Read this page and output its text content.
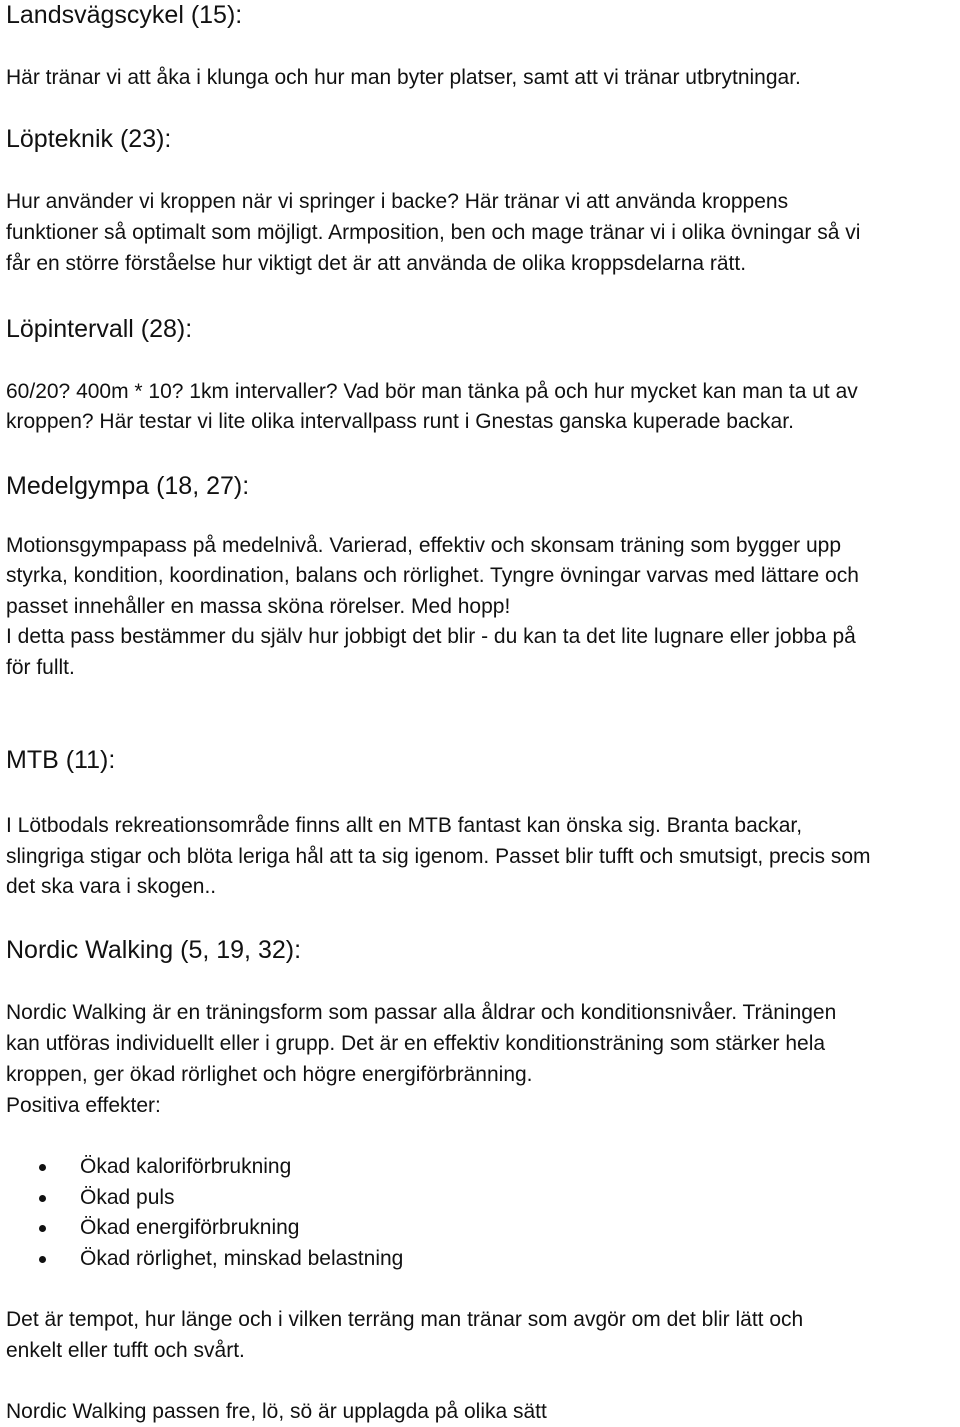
Landsvägscykel (15):
Här tränar vi att åka i klunga och hur man byter platser, samt att vi tränar utbrytningar.
Löpteknik (23):
Hur använder vi kroppen när vi springer i backe? Här tränar vi att använda kroppens
funktioner så optimalt som möjligt. Armposition, ben och mage tränar vi i olika övningar så vi
får en större förståelse hur viktigt det är att använda de olika kroppsdelarna rätt.
Löpintervall (28):
60/20? 400m * 10? 1km intervaller? Vad bör man tänka på och hur mycket kan man ta ut av
kroppen? Här testar vi lite olika intervallpass runt i Gnestas ganska kuperade backar.
Medelgympa (18, 27):
Motionsgympapass på medelnivå. Varierad, effektiv och skonsam träning som bygger upp
styrka, kondition, koordination, balans och rörlighet. Tyngre övningar varvas med lättare och
passet innehåller en massa sköna rörelser. Med hopp!
I detta pass bestämmer du själv hur jobbigt det blir - du kan ta det lite lugnare eller jobba på
för fullt.
MTB (11):
I Lötbodals rekreationsområde finns allt en MTB fantast kan önska sig. Branta backar,
slingriga stigar och blöta leriga hål att ta sig igenom. Passet blir tufft och smutsigt, precis som
det ska vara i skogen..
Nordic Walking (5, 19, 32):
Nordic Walking är en träningsform som passar alla åldrar och konditionsnivåer. Träningen
kan utföras individuellt eller i grupp. Det är en effektiv konditionsträning som stärker hela
kroppen, ger ökad rörlighet och högre energiförbränning.
Positiva effekter:
Ökad kaloriförbrukning
Ökad puls
Ökad energiförbrukning
Ökad rörlighet, minskad belastning
Det är tempot, hur länge och i vilken terräng man tränar som avgör om det blir lätt och
enkelt eller tufft och svårt.
Nordic Walking passen fre, lö, sö är upplagda på olika sätt
